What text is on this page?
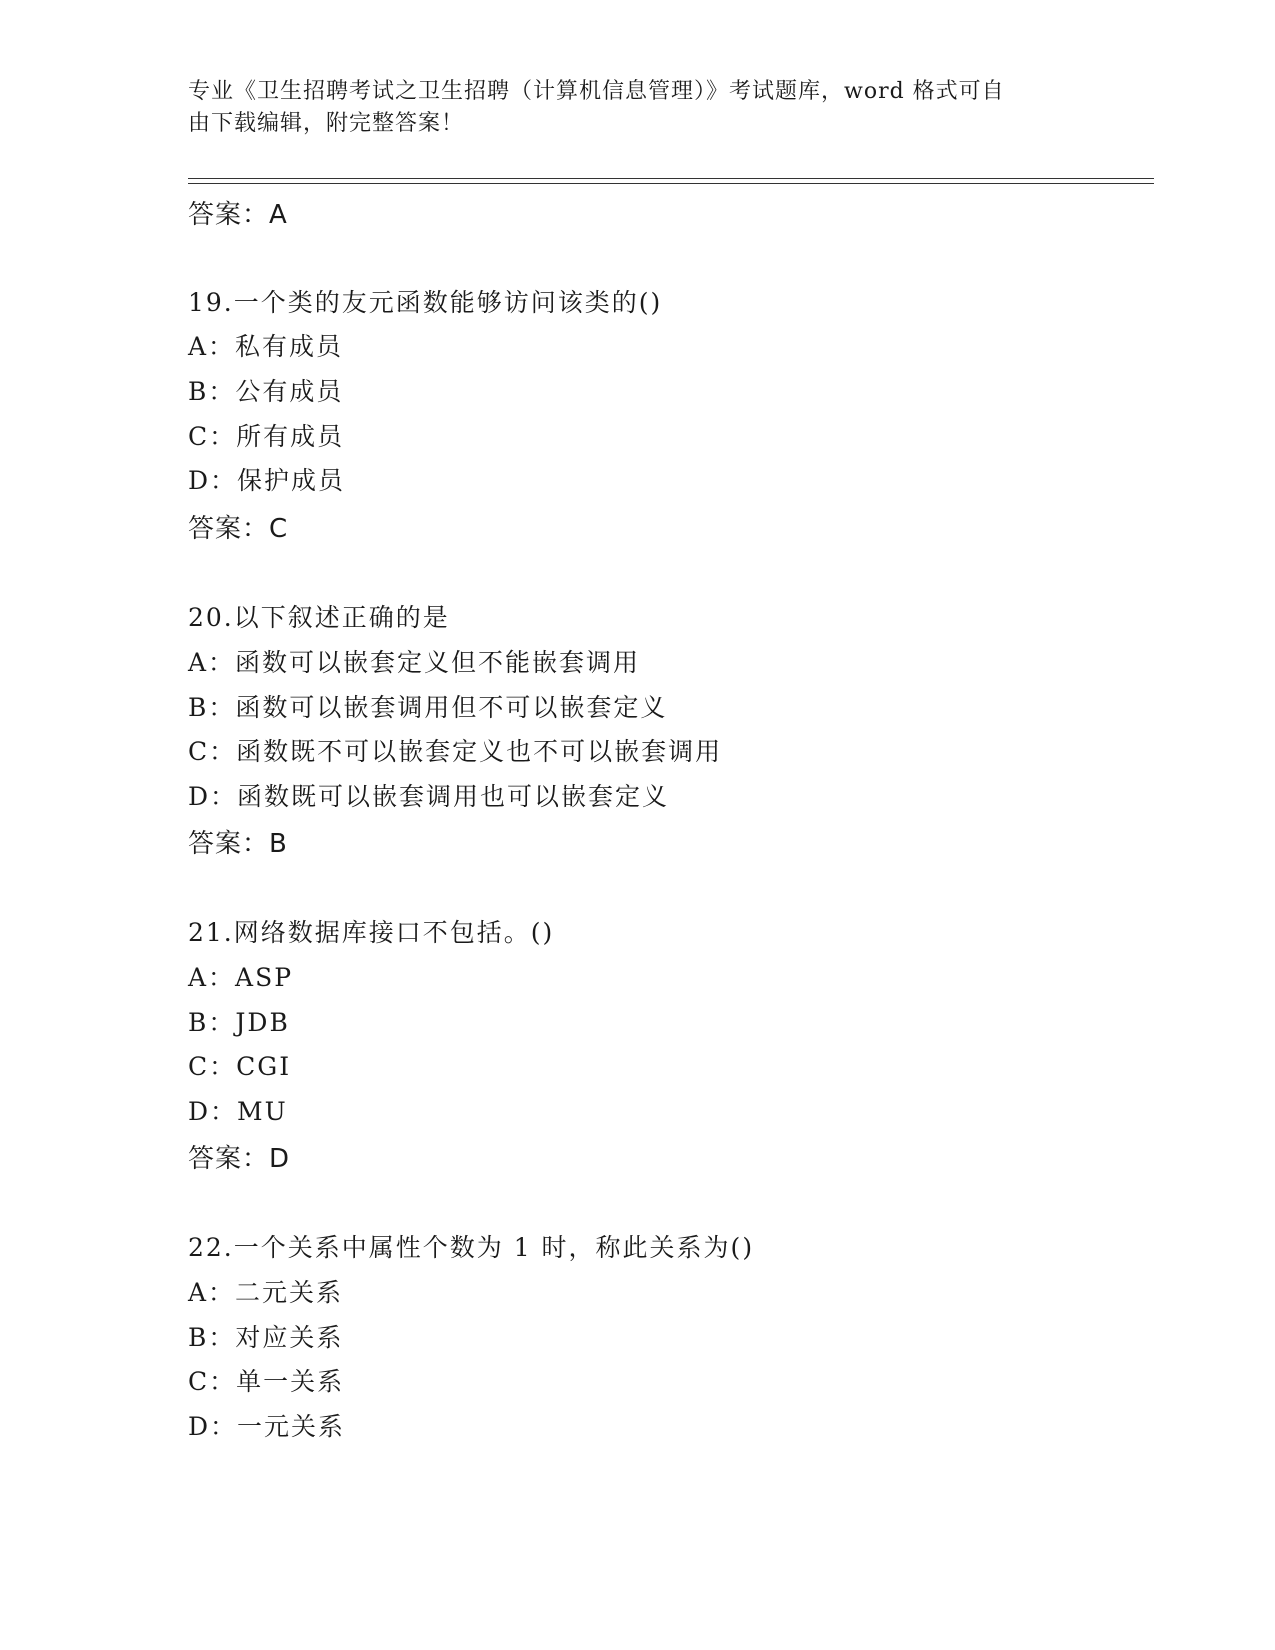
专业《卫生招聘考试之卫生招聘（计算机信息管理）》考试题库，word 格式可自
由下载编辑，附完整答案！
答案：A
19.一个类的友元函数能够访问该类的()
A：私有成员
B：公有成员
C：所有成员
D：保护成员
答案：C
20.以下叙述正确的是
A：函数可以嵌套定义但不能嵌套调用
B：函数可以嵌套调用但不可以嵌套定义
C：函数既不可以嵌套定义也不可以嵌套调用
D：函数既可以嵌套调用也可以嵌套定义
答案：B
21.网络数据库接口不包括。()
A：ASP
B：JDB
C：CGI
D：MU
答案：D
22.一个关系中属性个数为 1 时，称此关系为()
A：二元关系
B：对应关系
C：单一关系
D：一元关系
